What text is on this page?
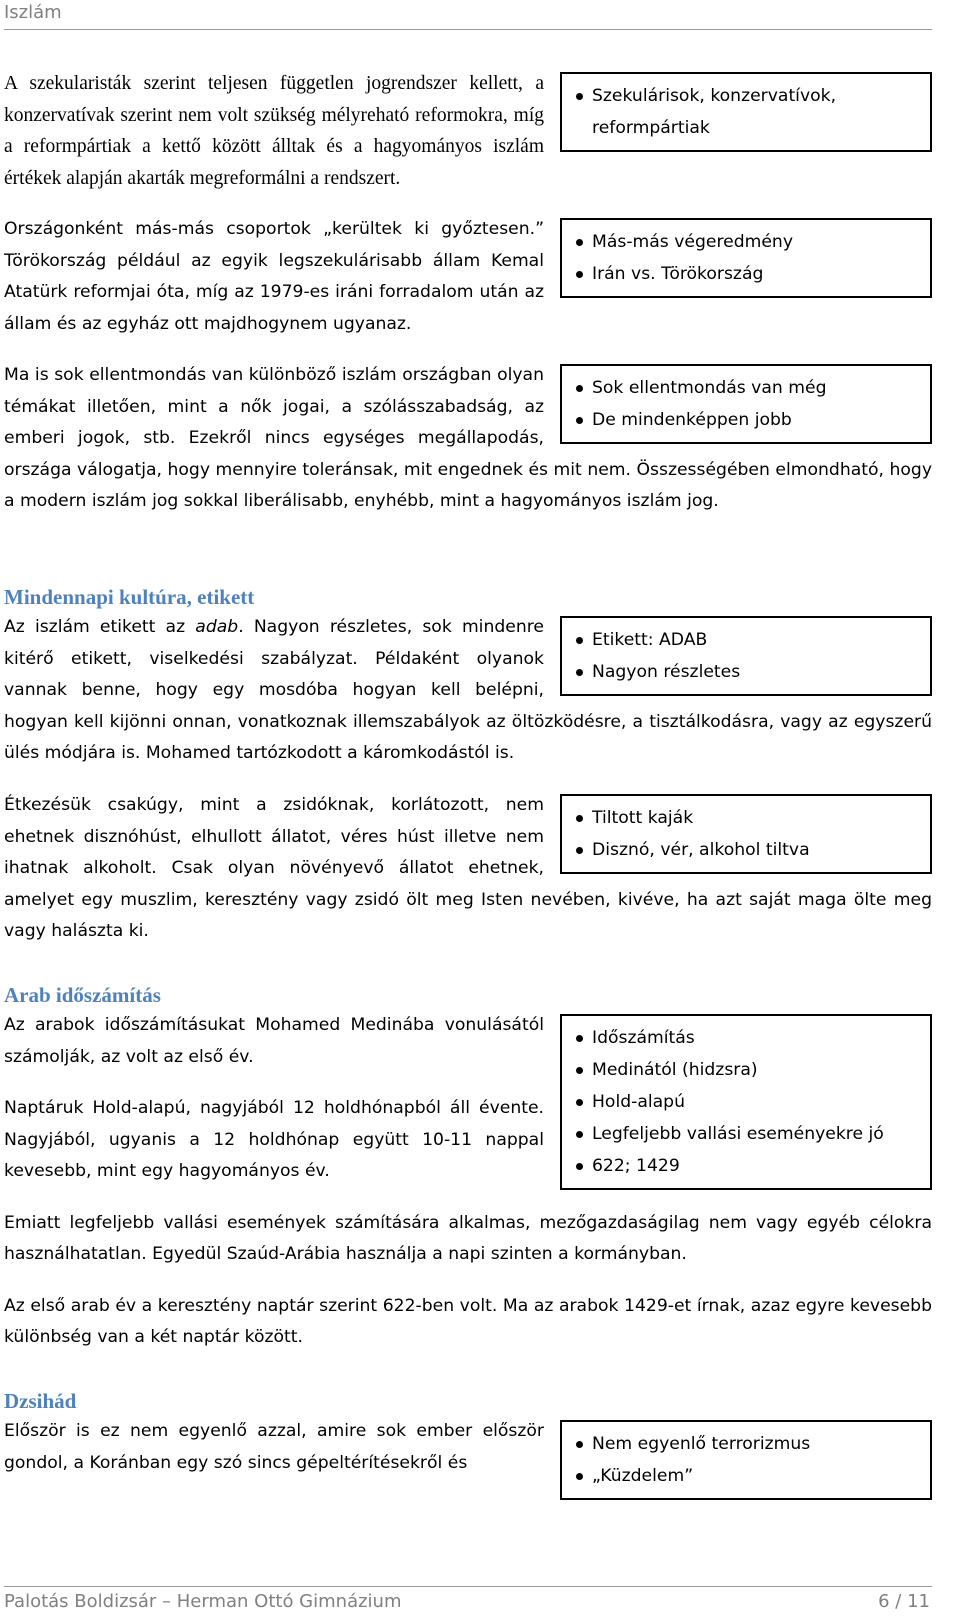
Iszlám
Szekulárisok, konzervatívok, reformpártiak

A szekularisták szerint teljesen független jogrendszer kellett, a konzervatívak szerint nem volt szükség mélyreható reformokra, míg a reformpártiak a kettő között álltak és a hagyományos iszlám értékek alapján akarták megreformálni a rendszert.

Más-más végeredmény
Irán vs. Törökország

Országonként más-más csoportok „kerültek ki győztesen.” Törökország például az egyik legszekulárisabb állam Kemal Atatürk reformjai óta, míg az 1979-es iráni forradalom után az állam és az egyház ott majdhogynem ugyanaz.

Sok ellentmondás van még
De mindenképpen jobb

Ma is sok ellentmondás van különböző iszlám országban olyan témákat illetően, mint a nők jogai, a szólásszabadság, az emberi jogok, stb. Ezekről nincs egységes megállapodás, országa válogatja, hogy mennyire toleránsak, mit engednek és mit nem. Összességében elmondható, hogy a modern iszlám jog sokkal liberálisabb, enyhébb, mint a hagyományos iszlám jog.

Mindennapi kultúra, etikett
Etikett: ADAB
Nagyon részletes

Az iszlám etikett az adab. Nagyon részletes, sok mindenre kitérő etikett, viselkedési szabályzat. Példaként olyanok vannak benne, hogy egy mosdóba hogyan kell belépni, hogyan kell kijönni onnan, vonatkoznak illemszabályok az öltözködésre, a tisztálkodásra, vagy az egyszerű ülés módjára is. Mohamed tartózkodott a káromkodástól is.

Tiltott kaják
Disznó, vér, alkohol tiltva

Étkezésük csakúgy, mint a zsidóknak, korlátozott, nem ehetnek disznóhúst, elhullott állatot, véres húst illetve nem ihatnak alkoholt. Csak olyan növényevő állatot ehetnek, amelyet egy muszlim, keresztény vagy zsidó ölt meg Isten nevében, kivéve, ha azt saját maga ölte meg vagy halászta ki.

Arab időszámítás
Időszámítás
Medinától (hidzsra)
Hold-alapú
Legfeljebb vallási eseményekre jó
622; 1429

Az arabok időszámításukat Mohamed Medinába vonulásától számolják, az volt az első év.

Naptáruk Hold-alapú, nagyjából 12 holdhónapból áll évente. Nagyjából, ugyanis a 12 holdhónap együtt 10-11 nappal kevesebb, mint egy hagyományos év.

Emiatt legfeljebb vallási események számítására alkalmas, mezőgazdaságilag nem vagy egyéb célokra használhatatlan. Egyedül Szaúd-Arábia használja a napi szinten a kormányban.

Az első arab év a keresztény naptár szerint 622-ben volt. Ma az arabok 1429-et írnak, azaz egyre kevesebb különbség van a két naptár között.

Dzsihád
Nem egyenlő terrorizmus
„Küzdelem”

Először is ez nem egyenlő azzal, amire sok ember először gondol, a Koránban egy szó sincs gépeltérítésekről és

Palotás Boldizsár – Herman Ottó Gimnázium	6 / 11
